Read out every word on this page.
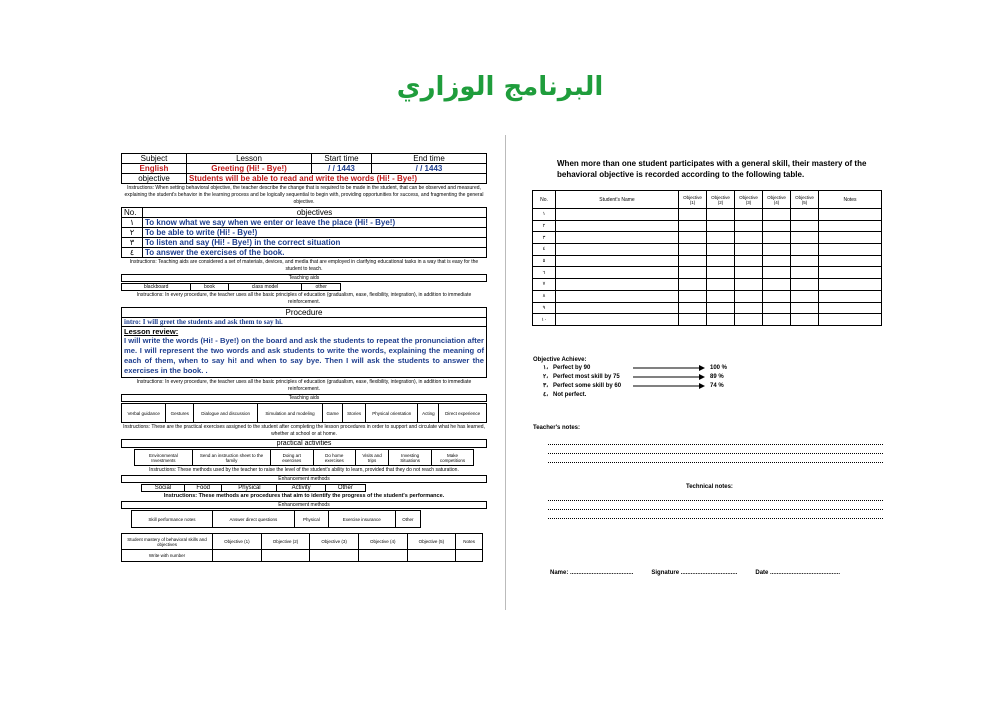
البرنامج الوزاري
Subject	Lesson	Start time	End time
English	Greeting (Hi! - Bye!)	/ / 1443	/ / 1443
objective	Students will be able to read and write the words (Hi! - Bye!)		
Instructions: When setting behavioral objective, the teacher describe the change that is required to be made in the student, that can be observed and measured, explaining the student's behavior in the learning process and be logically sequential to begin with, providing opportunities for success, and fragmenting the general objective.
No.	objectives
١	To know what we say when we enter or leave the place (Hi! - Bye!)
٢	To be able to write (Hi! - Bye!)
٣	To listen and say (Hi! - Bye!) in the correct situation
٤	To answer the exercises of the book.
Instructions: Teaching aids are considered a set of materials, devices, and media that are employed in clarifying educational tasks in a way that is easy for the student to teach.
Teaching aids
blackboard	book	class model	other
Instructions: In every procedure, the teacher uses all the basic principles of education (gradualism, ease, flexibility, integration), in addition to immediate reinforcement.
Procedure
intro: I will greet the students and ask them to say hi.
Lesson review:
I will write the words (Hi! - Bye!) on the board and ask the students to repeat the pronunciation after me. I will represent the two words and ask students to write the words, explaining the meaning of each of them, when to say hi! and when to say bye. Then I will ask the students to answer the exercises in the book. .
Instructions: In every procedure, the teacher uses all the basic principles of education (gradualism, ease, flexibility, integration), in addition to immediate reinforcement.
Teaching aids
Verbal guidance	Gestures	Dialogue and discussion	Simulation and modeling	Game	Stories	Physical orientation	Acting	Direct experience
Instructions: These are the practical exercises assigned to the student after completing the lesson procedures in order to support and circulate what he has learned, whether at school or at home.
practical activities
Environmental Investments	Send an instruction sheet to the family	Doing art exercises	Do home exercises	Visits and trips	Investing Situations	Make competitions
Instructions: These methods used by the teacher to raise the level of the student's ability to learn, provided that they do not reach saturation.
Enhancement methods
Social	Food	Physical	Activity	Other
Instructions: These methods are procedures that aim to identify the progress of the student's performance.
Enhancement methods
Skill performance notes	Answer direct questions	Physical	Exercise insurance	Other
Student mastery of behavioral skills and objectives	Objective (1)	Objective (2)	Objective (3)	Objective (4)	Objective (5)	Notes
Write with number						
When more than one student participates with a general skill, their mastery of the behavioral objective is recorded according to the following table.
No.	Student's Name	Objective (1)	Objective (2)	Objective (3)	Objective (4)	Objective (5)	Notes
١							
٢							
٣							
٤							
٥							
٦							
٧							
٨							
٩							
١٠							
Objective Achieve:
١، Perfect by 90	100 %
٢، Perfect most skill by 75	89 %
٣، Perfect some skill by 60	74 %
٤، Not perfect.
Teacher's notes:
Technical notes:
Name: ......................................	Signature ..................................	Date ..........................................
